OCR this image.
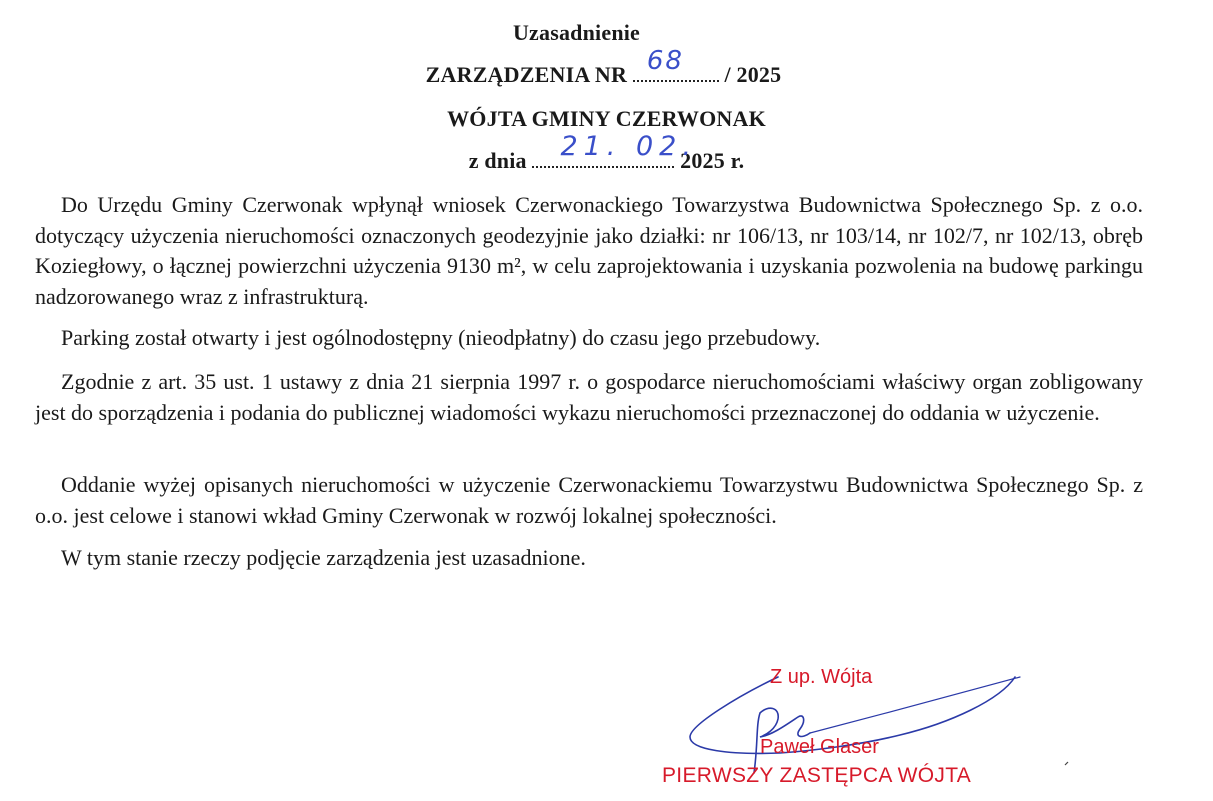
Uzasadnienie
ZARZĄDZENIA NR 68 / 2025
WÓJTA GMINY CZERWONAK
z dnia 21. 02.
2025 r.

Do Urzędu Gminy Czerwonak wpłynął wniosek Czerwonackiego Towarzystwa Budownictwa Społecznego Sp. z o.o. dotyczący użyczenia nieruchomości oznaczonych geodezyjnie jako działki: nr 106/13, nr 103/14, nr 102/7, nr 102/13, obręb Koziegłowy, o łącznej powierzchni użyczenia 9130 m², w celu zaprojektowania i uzyskania pozwolenia na budowę parkingu nadzorowanego wraz z infrastrukturą.

Parking został otwarty i jest ogólnodostępny (nieodpłatny) do czasu jego przebudowy.

Zgodnie z art. 35 ust. 1 ustawy z dnia 21 sierpnia 1997 r. o gospodarce nieruchomościami właściwy organ zobligowany jest do sporządzenia i podania do publicznej wiadomości wykazu nieruchomości przeznaczonej do oddania w użyczenie.

Oddanie wyżej opisanych nieruchomości w użyczenie Czerwonackiemu Towarzystwu Budownictwa Społecznego Sp. z o.o. jest celowe i stanowi wkład Gminy Czerwonak w rozwój lokalnej społeczności.

W tym stanie rzeczy podjęcie zarządzenia jest uzasadnione.

Z up. Wójta
Paweł Glaser
PIERWSZY ZASTĘPCA WÓJTA
